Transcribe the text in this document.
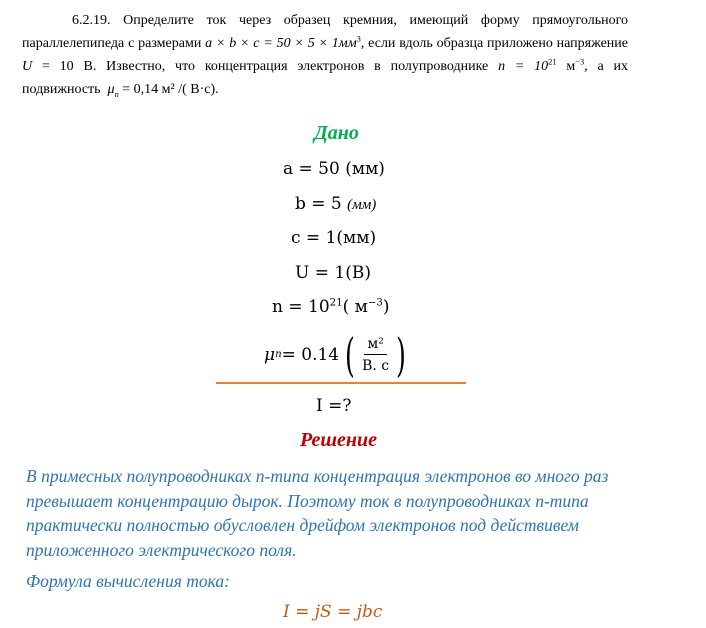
6.2.19. Определите ток через образец кремния, имеющий форму прямоугольного
параллелепипеда с размерами $a \times b \times c = 50 \times 5 \times 1мм^3$, если вдоль образца приложено напряжение
U = 10 В. Известно, что концентрация электронов в полупроводнике $n = 10^{21}$ $м^{-3}$, а их
подвижность $\mu_n = 0,14$ м² /( В·с).
Дано
a = 50 (мм)
b = 5 (мм)
c = 1(мм)
U = 1(В)
$n = 10^{21}$( $м^{-3}$)
μ n = 0.14 ( $\frac{\text{м²}}{В. с}$ )
I =?
Решение
В примесных полупроводниках n-типа концентрация электронов во много раз
превышает концентрацию дырок. Поэтому ток в полупроводниках n-типа
практически полностью обусловлен дрейфом электронов под действивем
приложенного электрического поля.
Формула вычисления тока:
I = jS = jbc
